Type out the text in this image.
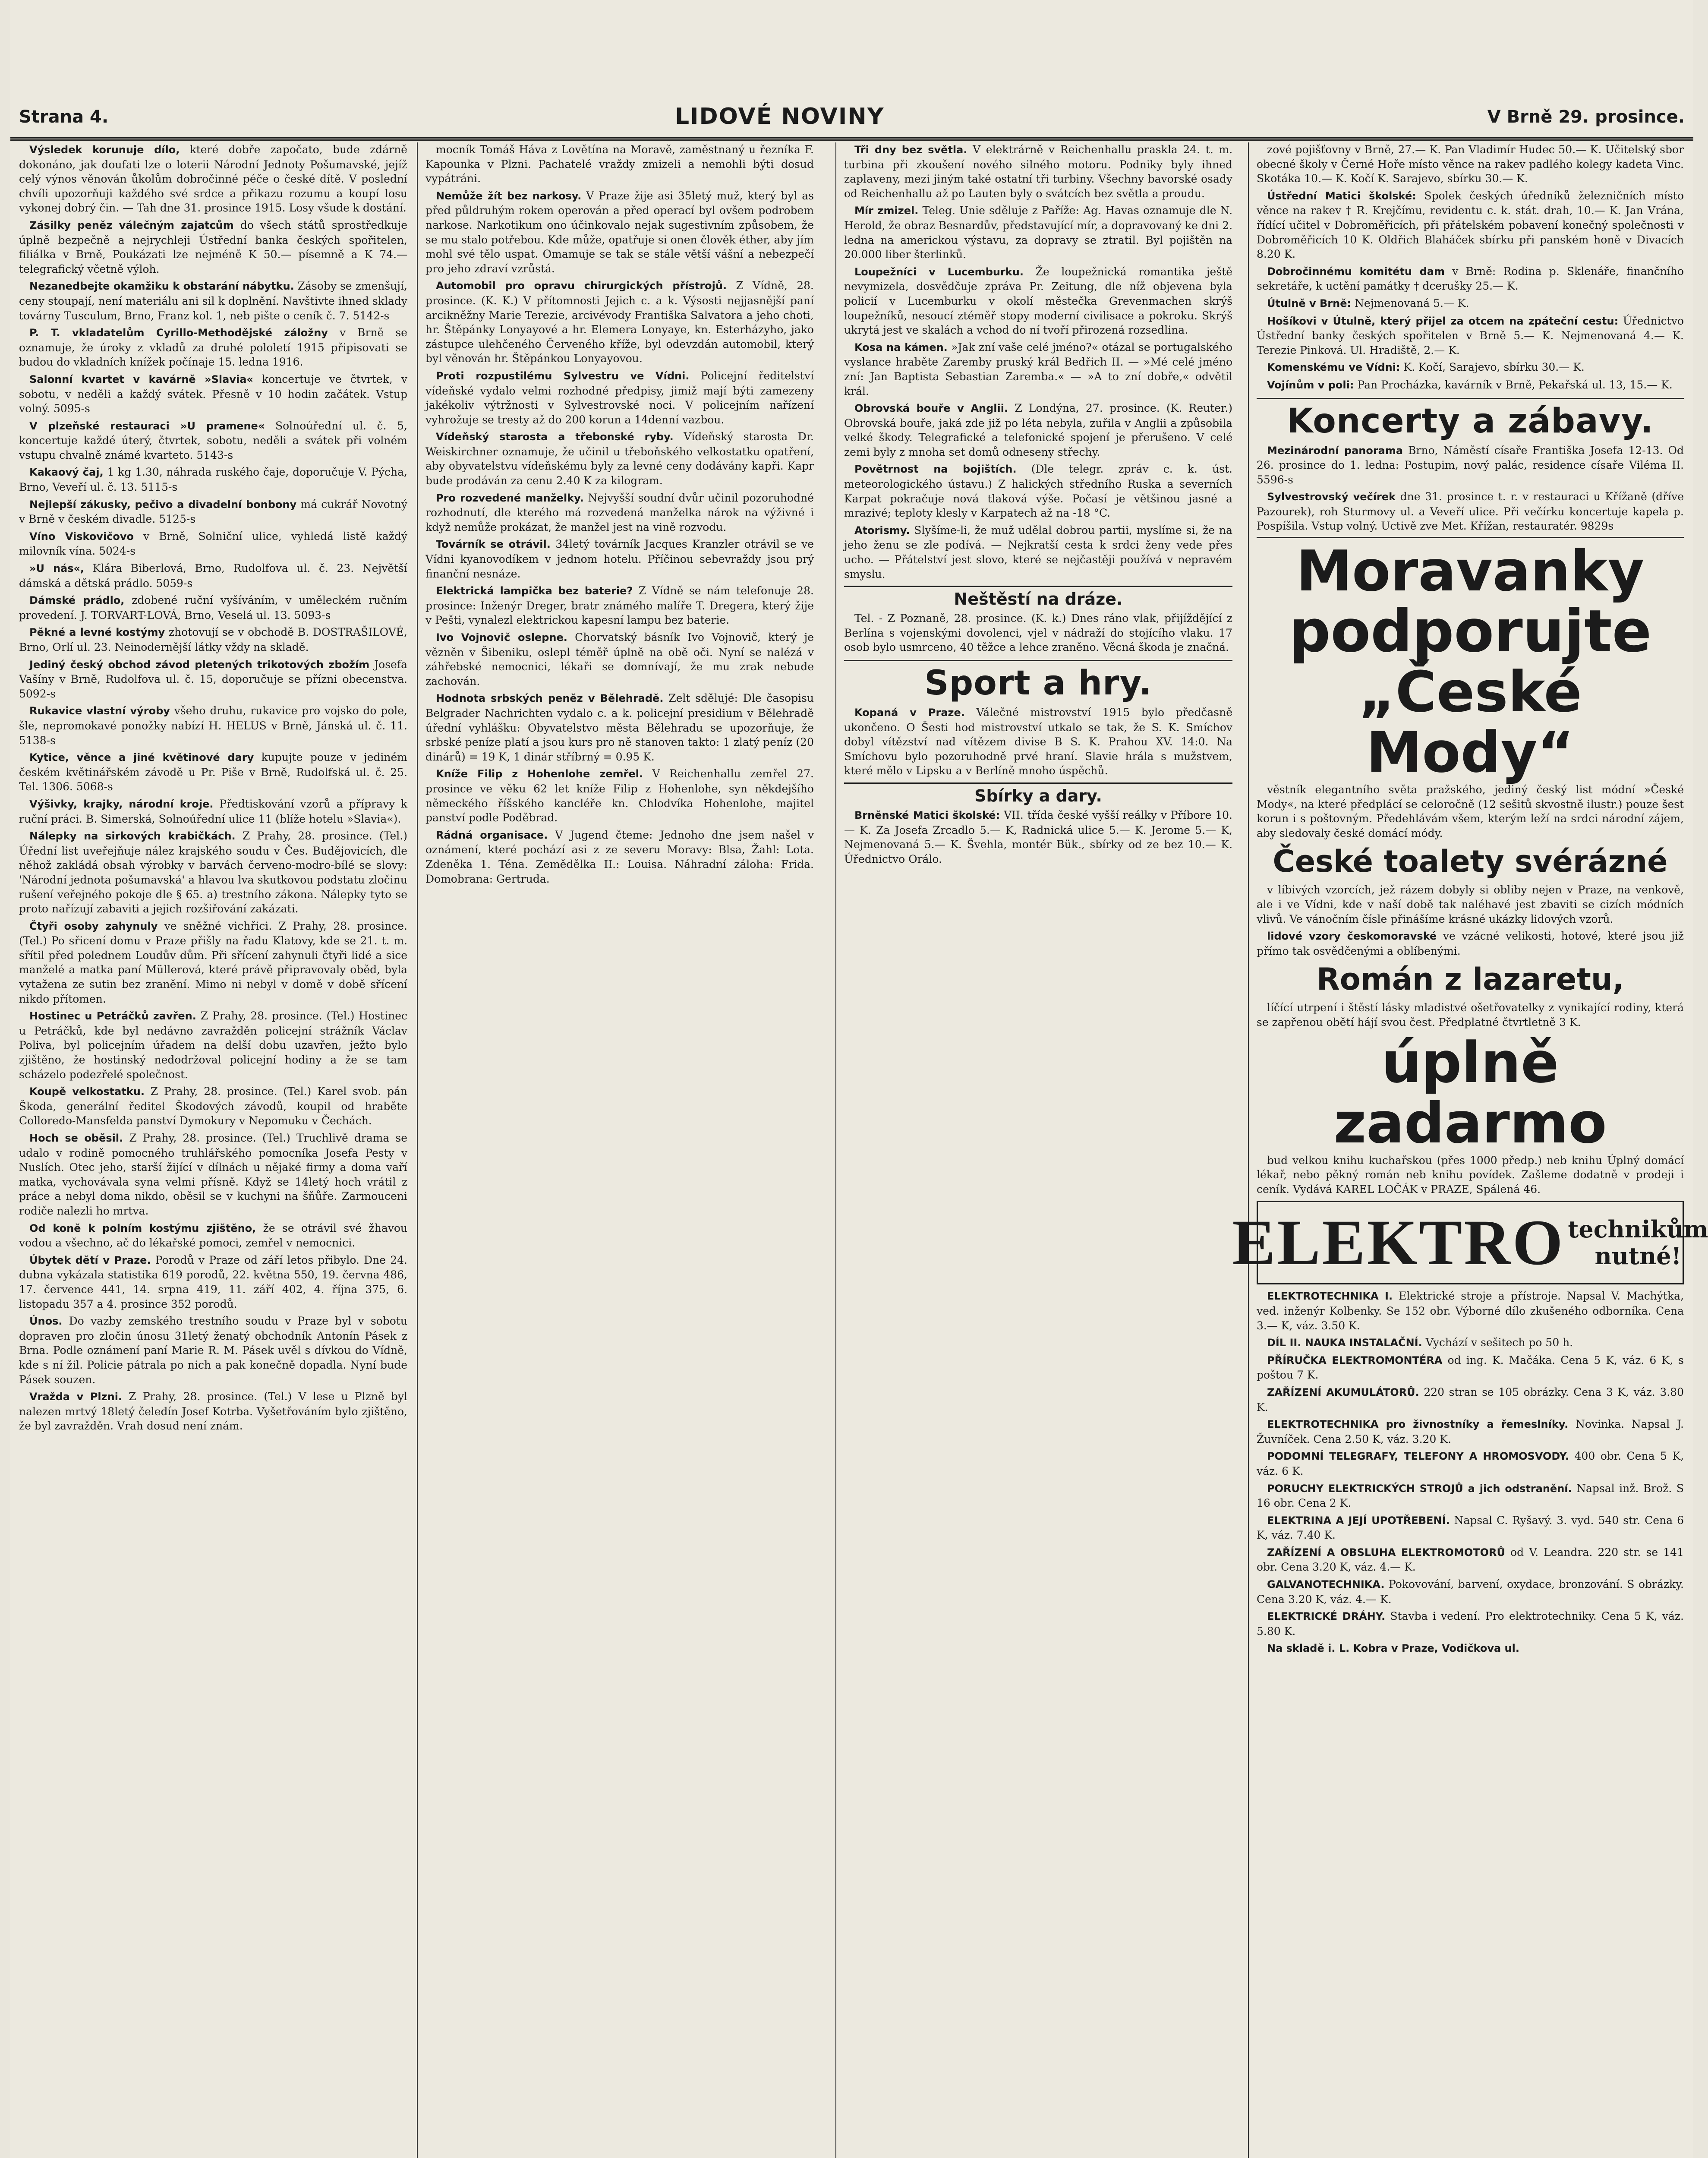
Strana 4.	LIDOVÉ NOVINY	V Brně 29. prosince.

Výsledek korunuje dílo, které dobře započato, bude zdárně dokonáno, jak doufati lze o loterii Národní Jednoty Pošumavské, jejíž celý výnos věnován ůkolům dobročinné péče o české dítě. V poslední chvíli upozorňuji každého své srdce a přikazu rozumu a koupí losu vykonej dobrý čin. — Tah dne 31. prosince 1915. Losy všude k dostání.

Zásilky peněz válečným zajatcům do všech států sprostředkuje úplně bezpečně a nejrychleji Ústřední banka českých spořitelen, filiálka v Brně, Poukázati lze nejméně K 50.— písemně a K 74.— telegrafický včetně výloh.

Nezanedbejte okamžiku k obstarání nábytku. Zásoby se zmenšují, ceny stoupají, není materiálu ani sil k doplnění. Navštivte ihned sklady továrny Tusculum, Brno, Franz kol. 1, neb pište o ceník č. 7. 5142-s

P. T. vkladatelům Cyrillo-Methodějské záložny v Brně se oznamuje, že úroky z vkladů za druhé pololetí 1915 připisovati se budou do vkladních knížek počínaje 15. ledna 1916.

Salonní kvartet v kavárně »Slavia« koncertuje ve čtvrtek, v sobotu, v neděli a každý svátek. Přesně v 10 hodin začátek. Vstup volný. 5095-s

V plzeňské restauraci »U pramene« Solnoúřední ul. č. 5, koncertuje každé úterý, čtvrtek, sobotu, neděli a svátek při volném vstupu chvalně známé kvarteto. 5143-s

Kakaový čaj, 1 kg 1.30, náhrada ruského čaje, doporučuje V. Pýcha, Brno, Veveří ul. č. 13. 5115-s

Nejlepší zákusky, pečivo a divadelní bonbony má cukrář Novotný v Brně v českém divadle. 5125-s

Víno Viskovičovo v Brně, Solniční ulice, vyhledá listě každý milovník vína. 5024-s

»U nás«, Klára Biberlová, Brno, Rudolfova ul. č. 23. Největší dámská a dětská prádlo. 5059-s

Dámské prádlo, zdobené ruční vyšíváním, v uměleckém ručním provedení. J. TORVART-LOVÁ, Brno, Veselá ul. 13. 5093-s

Pěkné a levné kostýmy zhotovují se v obchodě B. DOSTRAŠILOVÉ, Brno, Orlí ul. 23. Neinodernější látky vždy na skladě.

Jediný český obchod závod pletených trikotových zbožím Josefa Vašíny v Brně, Rudolfova ul. č. 15, doporučuje se přízni obecenstva. 5092-s

Rukavice vlastní výroby všeho druhu, rukavice pro vojsko do pole, šle, nepromokavé ponožky nabízí H. HELUS v Brně, Jánská ul. č. 11. 5138-s

Kytice, věnce a jiné květinové dary kupujte pouze v jediném českém květinářském závodě u Pr. Piše v Brně, Rudolfská ul. č. 25. Tel. 1306. 5068-s

Výšivky, krajky, národní kroje. Předtiskování vzorů a přípravy k ruční práci. B. Simerská, Solnoúřední ulice 11 (blíže hotelu »Slavia«).

Nálepky na sirkových krabičkách. Z Prahy, 28. prosince. (Tel.) Úřední list uveřejňuje nález krajského soudu v Čes. Budějovicích, dle něhož zakládá obsah výrobky v barvách červeno-modro-bílé se slovy: 'Národní jednota pošumavská' a hlavou lva skutkovou podstatu zločinu rušení veřejného pokoje dle § 65. a) trestního zákona. Nálepky tyto se proto nařízují zabaviti a jejich rozšiřování zakázati.

Čtyři osoby zahynuly ve sněžné vichřici. Z Prahy, 28. prosince. (Tel.) Po sřicení domu v Praze přišly na řadu Klatovy, kde se 21. t. m. sřítil před polednem Loudův dům. Při sřícení zahynuli čtyři lidé a sice manželé a matka paní Müllerová, které právě připravovaly oběd, byla vytažena ze sutin bez zranění. Mimo ni nebyl v domě v době sřícení nikdo přítomen.

Hostinec u Petráčků zavřen. Z Prahy, 28. prosince. (Tel.) Hostinec u Petráčků, kde byl nedávno zavražděn policejní strážník Václav Poliva, byl policejním úřadem na delší dobu uzavřen, ježto bylo zjištěno, že hostinský nedodržoval policejní hodiny a že se tam scházelo podezřelé společnost.

Koupě velkostatku. Z Prahy, 28. prosince. (Tel.) Karel svob. pán Škoda, generální ředitel Škodových závodů, koupil od hraběte Colloredo-Mansfelda panství Dymokury v Nepomuku v Čechách.

Hoch se oběsil. Z Prahy, 28. prosince. (Tel.) Truchlivě drama se udalo v rodině pomocného truhlářského pomocníka Josefa Pesty v Nuslích. Otec jeho, starší žijící v dílnách u nějaké firmy a doma vaří matka, vychovávala syna velmi přísně. Když se 14letý hoch vrátil z práce a nebyl doma nikdo, oběsil se v kuchyni na šňůře. Zarmouceni rodiče nalezli ho mrtva.

Od koně k polním kostýmu zjištěno, že se otrávil své žhavou vodou a všechno, ač do lékařské pomoci, zemřel v nemocnici.

Úbytek dětí v Praze. Porodů v Praze od září letos přibylo. Dne 24. dubna vykázala statistika 619 porodů, 22. května 550, 19. června 486, 17. července 441, 14. srpna 419, 11. září 402, 4. října 375, 6. listopadu 357 a 4. prosince 352 porodů.

Únos. Do vazby zemského trestního soudu v Praze byl v sobotu dopraven pro zločin únosu 31letý ženatý obchodník Antonín Pásek z Brna. Podle oznámení paní Marie R. M. Pásek uvěl s dívkou do Vídně, kde s ní žil. Policie pátrala po nich a pak konečně dopadla. Nyní bude Pásek souzen.

Vražda v Plzni. Z Prahy, 28. prosince. (Tel.) V lese u Plzně byl nalezen mrtvý 18letý čeledín Josef Kotrba. Vyšetřováním bylo zjištěno, že byl zavražděn. Vrah dosud není znám.

mocník Tomáš Háva z Lovětína na Moravě, zaměstnaný u řezníka F. Kapounka v Plzni. Pachatelé vraždy zmizeli a nemohli býti dosud vypátráni.

Nemůže žít bez narkosy. V Praze žije asi 35letý muž, který byl as před půldruhým rokem operován a před operací byl ovšem podrobem narkose. Narkotikum ono účinkovalo nejak sugestivním způsobem, že se mu stalo potřebou. Kde může, opatřuje si onen člověk éther, aby jím mohl své tělo uspat. Omamuje se tak se stále větší vášní a nebezpečí pro jeho zdraví vzrůstá.

Automobil pro opravu chirurgických přístrojů. Z Vídně, 28. prosince. (K. K.) V přítomnosti Jejich c. a k. Výsosti nejjasnější paní arcikněžny Marie Terezie, arcivévody Františka Salvatora a jeho choti, hr. Štěpánky Lonyayové a hr. Elemera Lonyaye, kn. Esterházyho, jako zástupce ulehčeného Červeného kříže, byl odevzdán automobil, který byl věnován hr. Štěpánkou Lonyayovou.

Proti rozpustilému Sylvestru ve Vídni. Policejní ředitelství vídeňské vydalo velmi rozhodné předpisy, jimiž mají býti zamezeny jakékoliv výtržnosti v Sylvestrovské noci. V policejním nařízení vyhrožuje se tresty až do 200 korun a 14denní vazbou.

Vídeňský starosta a třebonské ryby. Vídeňský starosta Dr. Weiskirchner oznamuje, že učinil u třeboňského velkostatku opatření, aby obyvatelstvu vídeňskému byly za levné ceny dodávány kapři. Kapr bude prodáván za cenu 2.40 K za kilogram.

Pro rozvedené manželky. Nejvyšší soudní dvůr učinil pozoruhodné rozhodnutí, dle kterého má rozvedená manželka nárok na výživné i když nemůže prokázat, že manžel jest na vině rozvodu.

Továrník se otrávil. 34letý továrník Jacques Kranzler otrávil se ve Vídni kyanovodíkem v jednom hotelu. Příčinou sebevraždy jsou prý finanční nesnáze.

Elektrická lampička bez baterie? Z Vídně se nám telefonuje 28. prosince: Inženýr Dreger, bratr známého malíře T. Dregera, který žije v Pešti, vynalezl elektrickou kapesní lampu bez baterie.

Ivo Vojnovič oslepne. Chorvatský básník Ivo Vojnovič, který je vězněn v Šibeniku, oslepl téměř úplně na obě oči. Nyní se nalézá v záhřebské nemocnici, lékaři se domnívají, že mu zrak nebude zachován.

Hodnota srbských peněz v Bělehradě. Zelt sdělujé: Dle časopisu Belgrader Nachrichten vydalo c. a k. policejní presidium v Bělehradě úřední vyhlášku: Obyvatelstvo města Bělehradu se upozorňuje, že srbské peníze platí a jsou kurs pro ně stanoven takto: 1 zlatý peníz (20 dinárů) = 19 K, 1 dinár stříbrný = 0.95 K.

Kníže Filip z Hohenlohe zemřel. V Reichenhallu zemřel 27. prosince ve věku 62 let kníže Filip z Hohenlohe, syn někdejšího německého říšského kancléře kn. Chlodvíka Hohenlohe, majitel panství podle Poděbrad.

Rádná organisace. V Jugend čteme: Jednoho dne jsem našel v oznámení, které pochází asi z ze severu Moravy: Blsa, Žahl: Lota. Zdeněka 1. Téna. Zemědělka II.: Louisa. Náhradní záloha: Frida. Domobrana: Gertruda.

Tři dny bez světla. V elektrárně v Reichenhallu praskla 24. t. m. turbina při zkoušení nového silného motoru. Podniky byly ihned zaplaveny, mezi jiným také ostatní tři turbiny. Všechny bavorské osady od Reichenhallu až po Lauten byly o svátcích bez světla a proudu.

Mír zmizel. Teleg. Unie sděluje z Paříže: Ag. Havas oznamuje dle N. Herold, že obraz Besnardův, představující mír, a dopravovaný ke dni 2. ledna na americkou výstavu, za dopravy se ztratil. Byl pojištěn na 20.000 liber šterlinků.

Loupežníci v Lucemburku. Že loupežnická romantika ještě nevymizela, dosvědčuje zpráva Pr. Zeitung, dle níž objevena byla policií v Lucemburku v okolí městečka Grevenmachen skrýš loupežníků, nesoucí ztéměř stopy moderní civilisace a pokroku. Skrýš ukrytá jest ve skalách a vchod do ní tvoří přirozená rozsedlina.

Kosa na kámen. »Jak zní vaše celé jméno?« otázal se portugalského vyslance hraběte Zaremby pruský král Bedřich II. — »Mé celé jméno zní: Jan Baptista Sebastian Zaremba.« — »A to zní dobře,« odvětil král.

Obrovská bouře v Anglii. Z Londýna, 27. prosince. (K. Reuter.) Obrovská bouře, jaká zde již po léta nebyla, zuřila v Anglii a způsobila velké škody. Telegrafické a telefonické spojení je přerušeno. V celé zemi byly z mnoha set domů odneseny střechy.

Povětrnost na bojištích. (Dle telegr. zpráv c. k. úst. meteorologického ústavu.) Z halických středního Ruska a severních Karpat pokračuje nová tlaková výše. Počasí je většinou jasné a mrazivé; teploty klesly v Karpatech až na -18 °C.

Atorismy. Slyšíme-li, že muž udělal dobrou partii, myslíme si, že na jeho ženu se zle podívá. — Nejkratší cesta k srdci ženy vede přes ucho. — Přátelství jest slovo, které se nejčastěji používá v nepravém smyslu.

Neštěstí na dráze.

Tel. - Z Poznaně, 28. prosince. (K. k.) Dnes ráno vlak, přijíždějící z Berlína s vojenskými dovolenci, vjel v nádraží do stojícího vlaku. 17 osob bylo usmrceno, 40 těžce a lehce zraněno. Věcná škoda je značná.

Sport a hry.

Kopaná v Praze. Válečné mistrovství 1915 bylo předčasně ukončeno. O Šesti hod mistrovství utkalo se tak, že S. K. Smíchov dobyl vítězství nad vítězem divise B S. K. Prahou XV. 14:0. Na Smíchovu bylo pozoruhodně prvé hraní. Slavie hrála s mužstvem, které mělo v Lipsku a v Berlíně mnoho úspěchů.

Sbírky a dary.

Brněnské Matici školské: VII. třída české vyšší reálky v Příbore 10.— K. Za Josefa Zrcadlo 5.— K, Radnická ulice 5.— K. Jerome 5.— K, Nejmenovaná 5.— K. Švehla, montér Bük., sbírky od ze bez 10.— K. Úřednictvo Orálo.

zové pojišťovny v Brně, 27.— K. Pan Vladimír Hudec 50.— K. Učitelský sbor obecné školy v Černé Hoře místo věnce na rakev padlého kolegy kadeta Vinc. Skotáka 10.— K. Kočí K. Sarajevo, sbírku 30.— K.

Ústřední Matici školské: Spolek českých úředníků železničních místo věnce na rakev † R. Krejčímu, revidentu c. k. stát. drah, 10.— K. Jan Vrána, řídící učitel v Dobroměřicích, při přátelském pobavení konečný společnosti v Dobroměřicích 10 K. Oldřich Blaháček sbírku při panském honě v Divacích 8.20 K.

Dobročinnému komitétu dam v Brně: Rodina p. Sklenáře, finančního sekretáře, k uctění památky † dcerušky 25.— K.

Útulně v Brně: Nejmenovaná 5.— K.

Hošíkovi v Útulně, který přijel za otcem na zpáteční cestu: Úřednictvo Ústřední banky českých spořitelen v Brně 5.— K. Nejmenovaná 4.— K. Terezie Pinková. Ul. Hradiště, 2.— K.

Komenskému ve Vídni: K. Kočí, Sarajevo, sbírku 30.— K.

Vojínům v poli: Pan Procházka, kavárník v Brně, Pekařská ul. 13, 15.— K.

Koncerty a zábavy.

Mezinárodní panorama Brno, Náměstí císaře Františka Josefa 12-13. Od 26. prosince do 1. ledna: Postupim, nový palác, residence císaře Viléma II. 5596-s

Sylvestrovský večírek dne 31. prosince t. r. v restauraci u Křížaně (dříve Pazourek), roh Sturmovy ul. a Veveří ulice. Při večírku koncertuje kapela p. Pospíšila. Vstup volný. Uctivě zve Met. Křížan, restauratér. 9829s

Moravanky
podporujte
„České Mody“

věstník elegantního světa pražského, jediný český list módní »České Mody«, na které předplácí se celoročně (12 sešitů skvostně ilustr.) pouze šest korun i s poštovným. Předehlávám všem, kterým leží na srdci národní zájem, aby sledovaly české domácí módy.

České toalety svérázné

v líbivých vzorcích, jež rázem dobyly si obliby nejen v Praze, na venkově, ale i ve Vídni, kde v naší době tak naléhavé jest zbaviti se cizích módních vlivů. Ve vánočním čísle přinášíme krásné ukázky lidových vzorů.

lidové vzory českomoravské ve vzácné velikosti, hotové, které jsou již přímo tak osvědčenými a oblíbenými.

Román z lazaretu,

líčící utrpení i štěstí lásky mladistvé ošetřovatelky z vynikající rodiny, která se zapřenou obětí hájí svou čest. Předplatné čtvrtletně 3 K.

úplně zadarmo

bud velkou knihu kuchařskou (přes 1000 předp.) neb knihu Úplný domácí lékař, nebo pěkný román neb knihu povídek. Zašleme dodatně v prodeji i ceník. Vydává KAREL LOČÁK v PRAZE, Spálená 46.

ELEKTRO technikům
nutné!

ELEKTROTECHNIKA I. Elektrické stroje a přístroje. Napsal V. Machýtka, ved. inženýr Kolbenky. Se 152 obr. Výborné dílo zkušeného odborníka. Cena 3.— K, váz. 3.50 K.

DÍL II. NAUKA INSTALAČNÍ. Vychází v sešitech po 50 h.

PŘÍRUČKA ELEKTROMONTÉRA od ing. K. Mačáka. Cena 5 K, váz. 6 K, s poštou 7 K.

ZAŘÍZENÍ AKUMULÁTORŮ. 220 stran se 105 obrázky. Cena 3 K, váz. 3.80 K.

ELEKTROTECHNIKA pro živnostníky a řemeslníky. Novinka. Napsal J. Žuvníček. Cena 2.50 K, váz. 3.20 K.

PODOMNÍ TELEGRAFY, TELEFONY A HROMOSVODY. 400 obr. Cena 5 K, váz. 6 K.

PORUCHY ELEKTRICKÝCH STROJŮ a jich odstranění. Napsal inž. Brož. S 16 obr. Cena 2 K.

ELEKTRINA A JEJÍ UPOTŘEBENÍ. Napsal C. Ryšavý. 3. vyd. 540 str. Cena 6 K, váz. 7.40 K.

ZAŘÍZENÍ A OBSLUHA ELEKTROMOTORŮ od V. Leandra. 220 str. se 141 obr. Cena 3.20 K, váz. 4.— K.

GALVANOTECHNIKA. Pokovování, barvení, oxydace, bronzování. S obrázky. Cena 3.20 K, váz. 4.— K.

ELEKTRICKÉ DRÁHY. Stavba i vedení. Pro elektrotechniky. Cena 5 K, váz. 5.80 K.

Na skladě i. L. Kobra v Praze, Vodičkova ul.
